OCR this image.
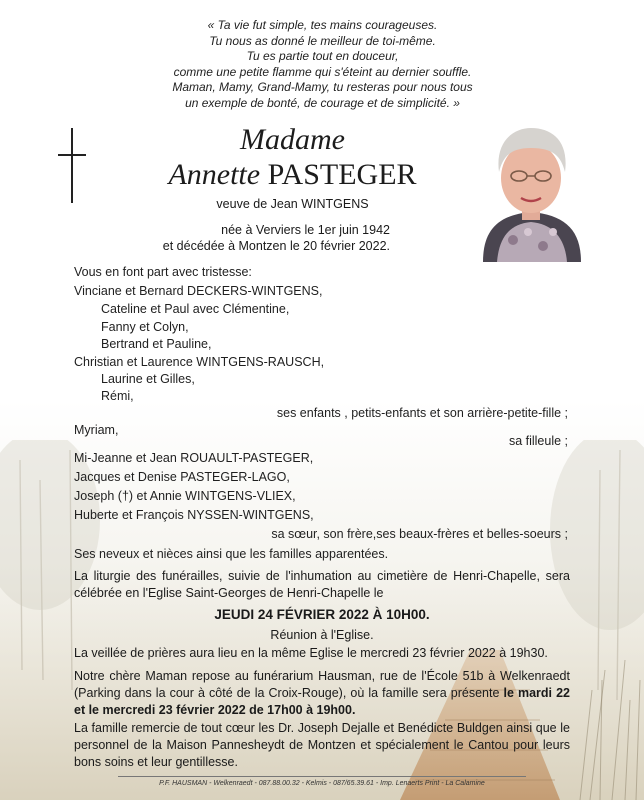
« Ta vie fut simple, tes mains courageuses.
Tu nous as donné le meilleur de toi-même.
Tu es partie tout en douceur,
comme une petite flamme qui s'éteint au dernier souffle.
Maman, Mamy, Grand-Mamy, tu resteras pour nous tous
un exemple de bonté, de courage et de simplicité. »
Madame
Annette PASTEGER
veuve de Jean WINTGENS
née à Verviers le 1er juin 1942
et décédée à Montzen le 20 février 2022.
Vous en font part avec tristesse:
Vinciane et Bernard DECKERS-WINTGENS,
Cateline et Paul avec Clémentine,
Fanny et Colyn,
Bertrand et Pauline,
Christian et Laurence WINTGENS-RAUSCH,
Laurine et Gilles,
Rémi,
ses enfants , petits-enfants et son arrière-petite-fille ;
Myriam,
sa filleule ;
Mi-Jeanne et Jean ROUAULT-PASTEGER,
Jacques et Denise PASTEGER-LAGO,
Joseph (†) et Annie WINTGENS-VLIEX,
Huberte et François NYSSEN-WINTGENS,
sa sœur, son frère,ses beaux-frères et belles-soeurs ;
Ses neveux et nièces ainsi que les familles apparentées.
La liturgie des funérailles, suivie de l'inhumation au cimetière de Henri-Chapelle, sera célébrée en l'Eglise Saint-Georges de Henri-Chapelle le
JEUDI 24 FÉVRIER 2022 À 10H00.
Réunion à l'Eglise.
La veillée de prières aura lieu en la même Eglise le mercredi 23 février 2022 à 19h30.
Notre chère Maman repose au funérarium Hausman, rue de l'École 51b à Welkenraedt (Parking dans la cour à côté de la Croix-Rouge), où la famille sera présente le mardi 22 et le mercredi 23 février 2022 de 17h00 à 19h00.
La famille remercie de tout cœur les Dr. Joseph Dejalle et Benédicte Buldgen ainsi que le personnel de la Maison Pannesheydt de Montzen et spécialement le Cantou pour leurs bons soins et leur gentillesse.
P.F. HAUSMAN - Welkenraedt - 087.88.00.32 - Kelmis - 087/65.39.61 - Imp. Lenaerts Print - La Calamine
